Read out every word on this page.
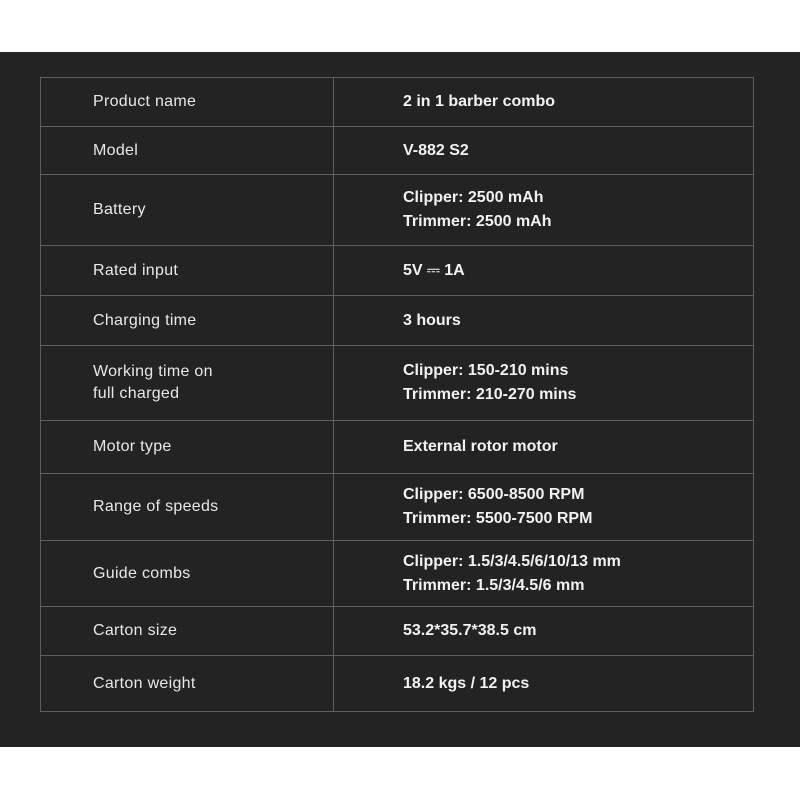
Product name	2 in 1 barber combo

Model	V-882 S2

Battery	Clipper: 2500 mAh
Trimmer: 2500 mAh

Rated input	5V ⎓ 1A

Charging time	3 hours

Working time on
full charged	Clipper: 150-210 mins
Trimmer: 210-270 mins

Motor type	External rotor motor

Range of speeds	Clipper: 6500-8500 RPM
Trimmer: 5500-7500 RPM

Guide combs	Clipper: 1.5/3/4.5/6/10/13 mm
Trimmer: 1.5/3/4.5/6 mm

Carton size	53.2*35.7*38.5 cm

Carton weight	18.2 kgs / 12 pcs
